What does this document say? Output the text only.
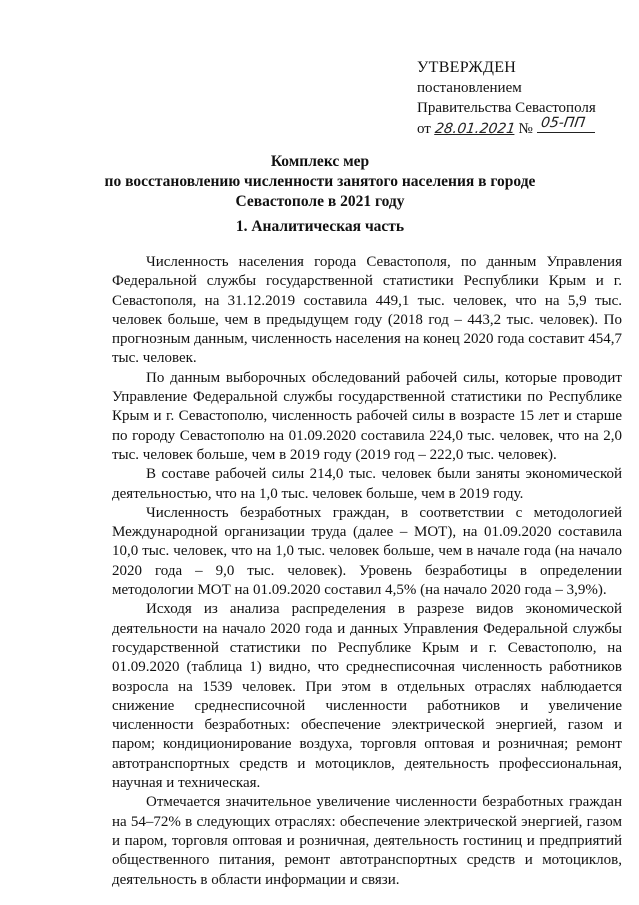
УТВЕРЖДЕН
постановлением
Правительства Севастополя
от 28.01.2021 № 05-ПП
Комплекс мер
по восстановлению численности занятого населения в городе
Севастополе в 2021 году
1. Аналитическая часть

Численность населения города Севастополя, по данным Управления Федеральной службы государственной статистики Республики Крым и г. Севастополя, на 31.12.2019 составила 449,1 тыс. человек, что на 5,9 тыс. человек больше, чем в предыдущем году (2018 год – 443,2 тыс. человек). По прогнозным данным, численность населения на конец 2020 года составит 454,7 тыс. человек.

По данным выборочных обследований рабочей силы, которые проводит Управление Федеральной службы государственной статистики по Республике Крым и г. Севастополю, численность рабочей силы в возрасте 15 лет и старше по городу Севастополю на 01.09.2020 составила 224,0 тыс. человек, что на 2,0 тыс. человек больше, чем в 2019 году (2019 год – 222,0 тыс. человек).

В составе рабочей силы 214,0 тыс. человек были заняты экономической деятельностью, что на 1,0 тыс. человек больше, чем в 2019 году.

Численность безработных граждан, в соответствии с методологией Международной организации труда (далее – МОТ), на 01.09.2020 составила 10,0 тыс. человек, что на 1,0 тыс. человек больше, чем в начале года (на начало 2020 года – 9,0 тыс. человек). Уровень безработицы в определении методологии МОТ на 01.09.2020 составил 4,5% (на начало 2020 года – 3,9%).

Исходя из анализа распределения в разрезе видов экономической деятельности на начало 2020 года и данных Управления Федеральной службы государственной статистики по Республике Крым и г. Севастополю, на 01.09.2020 (таблица 1) видно, что среднесписочная численность работников возросла на 1539 человек. При этом в отдельных отраслях наблюдается снижение среднесписочной численности работников и увеличение численности безработных: обеспечение электрической энергией, газом и паром; кондиционирование воздуха, торговля оптовая и розничная; ремонт автотранспортных средств и мотоциклов, деятельность профессиональная, научная и техническая.

Отмечается значительное увеличение численности безработных граждан на 54–72% в следующих отраслях: обеспечение электрической энергией, газом и паром, торговля оптовая и розничная, деятельность гостиниц и предприятий общественного питания, ремонт автотранспортных средств и мотоциклов, деятельность в области информации и связи.
